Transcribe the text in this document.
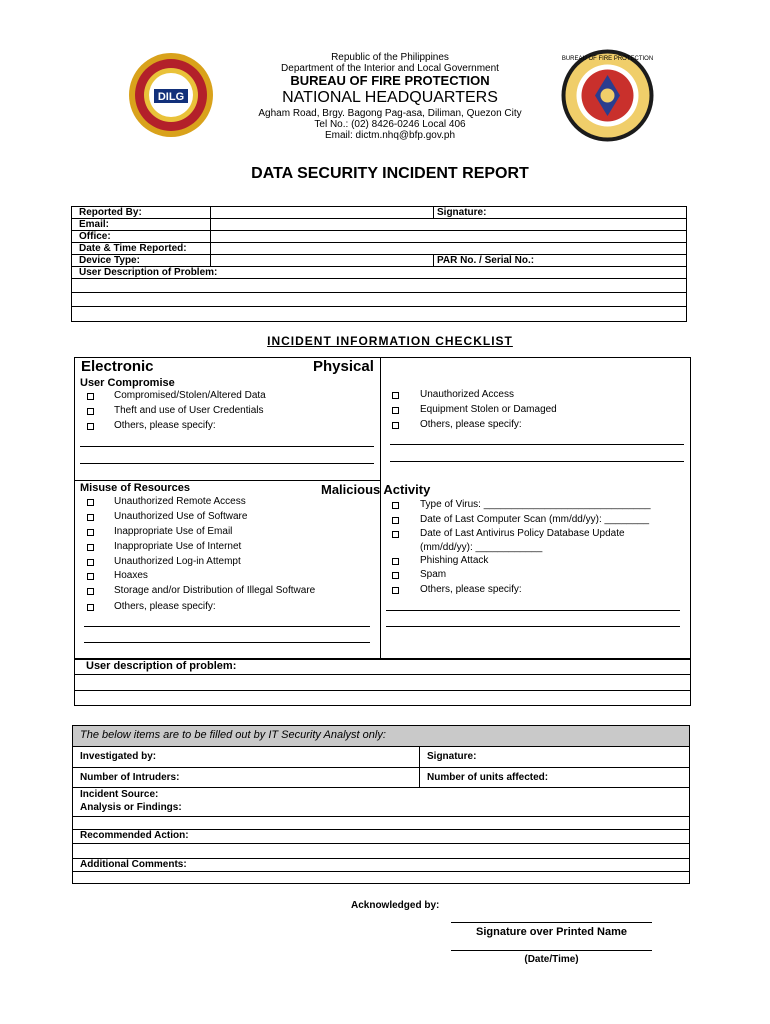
DILG
BUREAU OF FIRE PROTECTION
Republic of the Philippines
Department of the Interior and Local Government
BUREAU OF FIRE PROTECTION
NATIONAL HEADQUARTERS
Agham Road, Brgy. Bagong Pag-asa, Diliman, Quezon City
Tel No.: (02) 8426-0246 Local 406
Email: dictm.nhq@bfp.gov.ph
DATA SECURITY INCIDENT REPORT
Reported By:	Signature:
Email:
Office:
Date & Time Reported:
Device Type:	PAR No. / Serial No.:
User Description of Problem:
INCIDENT INFORMATION CHECKLIST
Electronic	Physical
User Compromise
Compromised/Stolen/Altered Data
Theft and use of User Credentials
Others, please specify:
Unauthorized Access
Equipment Stolen or Damaged
Others, please specify:
Misuse of Resources
Unauthorized Remote Access
Unauthorized Use of Software
Inappropriate Use of Email
Inappropriate Use of Internet
Unauthorized Log-in Attempt
Hoaxes
Storage and/or Distribution of Illegal Software
Others, please specify:
Malicious Activity
Type of Virus: ______________________________
Date of Last Computer Scan (mm/dd/yy): ________
Date of Last Antivirus Policy Database Update
(mm/dd/yy): ____________
Phishing Attack
Spam
Others, please specify:
User description of problem:
The below items are to be filled out by IT Security Analyst only:
Investigated by:	Signature:
Number of Intruders:	Number of units affected:
Incident Source:
Analysis or Findings:
Recommended Action:
Additional Comments:
Acknowledged by:
Signature over Printed Name
(Date/Time)
